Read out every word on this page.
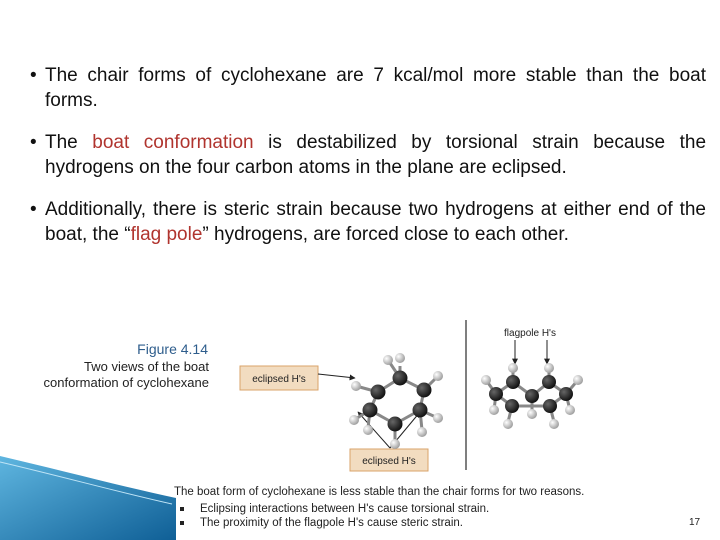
• The chair forms of cyclohexane are 7 kcal/mol more stable than the boat forms.
• The boat conformation is destabilized by torsional strain because the hydrogens on the four carbon atoms in the plane are eclipsed.
• Additionally, there is steric strain because two hydrogens at either end of the boat, the “flag pole” hydrogens, are forced close to each other.
Figure 4.14
Two views of the boat conformation of cyclohexane	eclipsed H's
eclipsed H's
flagpole H's
The boat form of cyclohexane is less stable than the chair forms for two reasons.
Eclipsing interactions between H's cause torsional strain.
The proximity of the flagpole H's cause steric strain.	17
